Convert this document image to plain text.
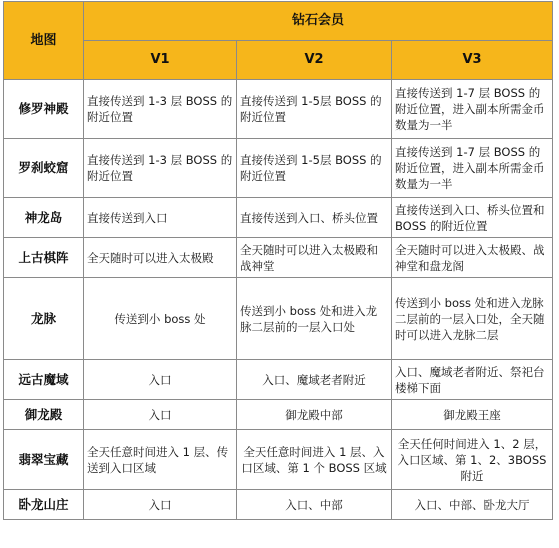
地图	钻石会员		
	V1	V2	V3
修罗神殿	直接传送到 1-3 层 BOSS 的附近位置	直接传送到 1-5层 BOSS 的附近位置	直接传送到 1-7 层 BOSS 的附近位置，进入副本所需金币数量为一半
罗刹蛟窟	直接传送到 1-3 层 BOSS 的附近位置	直接传送到 1-5层 BOSS 的附近位置	直接传送到 1-7 层 BOSS 的附近位置，进入副本所需金币数量为一半
神龙岛	直接传送到入口	直接传送到入口、桥头位置	直接传送到入口、桥头位置和 BOSS 的附近位置
上古棋阵	全天随时可以进入太极殿	全天随时可以进入太极殿和战神堂	全天随时可以进入太极殿、战神堂和盘龙阁
龙脉	传送到小 boss 处	传送到小 boss 处和进入龙脉二层前的一层入口处	传送到小 boss 处和进入龙脉二层前的一层入口处，全天随时可以进入龙脉二层
远古魔域	入口	入口、魔域老者附近	入口、魔域老者附近、祭祀台楼梯下面
御龙殿	入口	御龙殿中部	御龙殿王座
翡翠宝藏	全天任意时间进入 1 层、传送到入口区域	全天任意时间进入 1 层、入口区域、第 1 个 BOSS 区域	全天任何时间进入 1、2 层，入口区域、第 1、2、3BOSS 附近
卧龙山庄	入口	入口、中部	入口、中部、卧龙大厅
